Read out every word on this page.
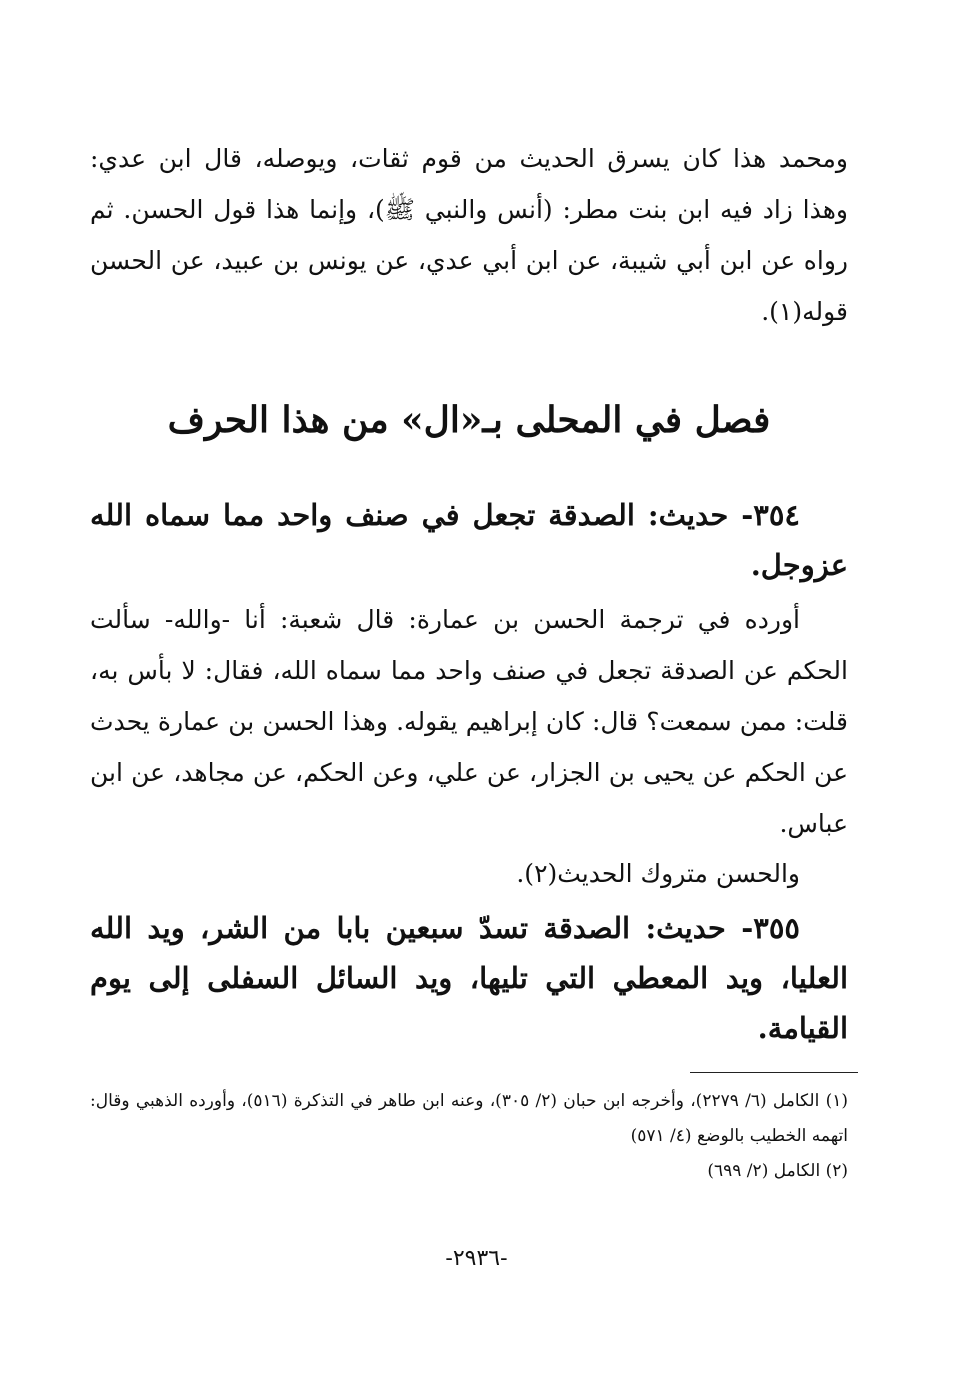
ومحمد هذا كان يسرق الحديث من قوم ثقات، ويوصله، قال ابن عدي: وهذا زاد فيه ابن بنت مطر: (أنس والنبي ﷺ)، وإنما هذا قول الحسن. ثم رواه عن ابن أبي شيبة، عن ابن أبي عدي، عن يونس بن عبيد، عن الحسن قوله(١).

فصل في المحلى بـ«ال» من هذا الحرف

٣٥٤- حديث: الصدقة تجعل في صنف واحد مما سماه الله عزوجل.

أورده في ترجمة الحسن بن عمارة: قال شعبة: أنا -والله- سألت الحكم عن الصدقة تجعل في صنف واحد مما سماه الله، فقال: لا بأس به، قلت: ممن سمعت؟ قال: كان إبراهيم يقوله. وهذا الحسن بن عمارة يحدث عن الحكم عن يحيى بن الجزار، عن علي، وعن الحكم، عن مجاهد، عن ابن عباس.

والحسن متروك الحديث(٢).

٣٥٥- حديث: الصدقة تسدّ سبعين بابا من الشر، ويد الله العليا، ويد المعطي التي تليها، ويد السائل السفلى إلى يوم القيامة.

(١) الكامل (٦/ ٢٢٧٩)، وأخرجه ابن حبان (٢/ ٣٠٥)، وعنه ابن طاهر في التذكرة (٥١٦)، وأورده الذهبي وقال: اتهمه الخطيب بالوضع (٤/ ٥٧١)

(٢) الكامل (٢/ ٦٩٩)

-٢٩٣٦-
